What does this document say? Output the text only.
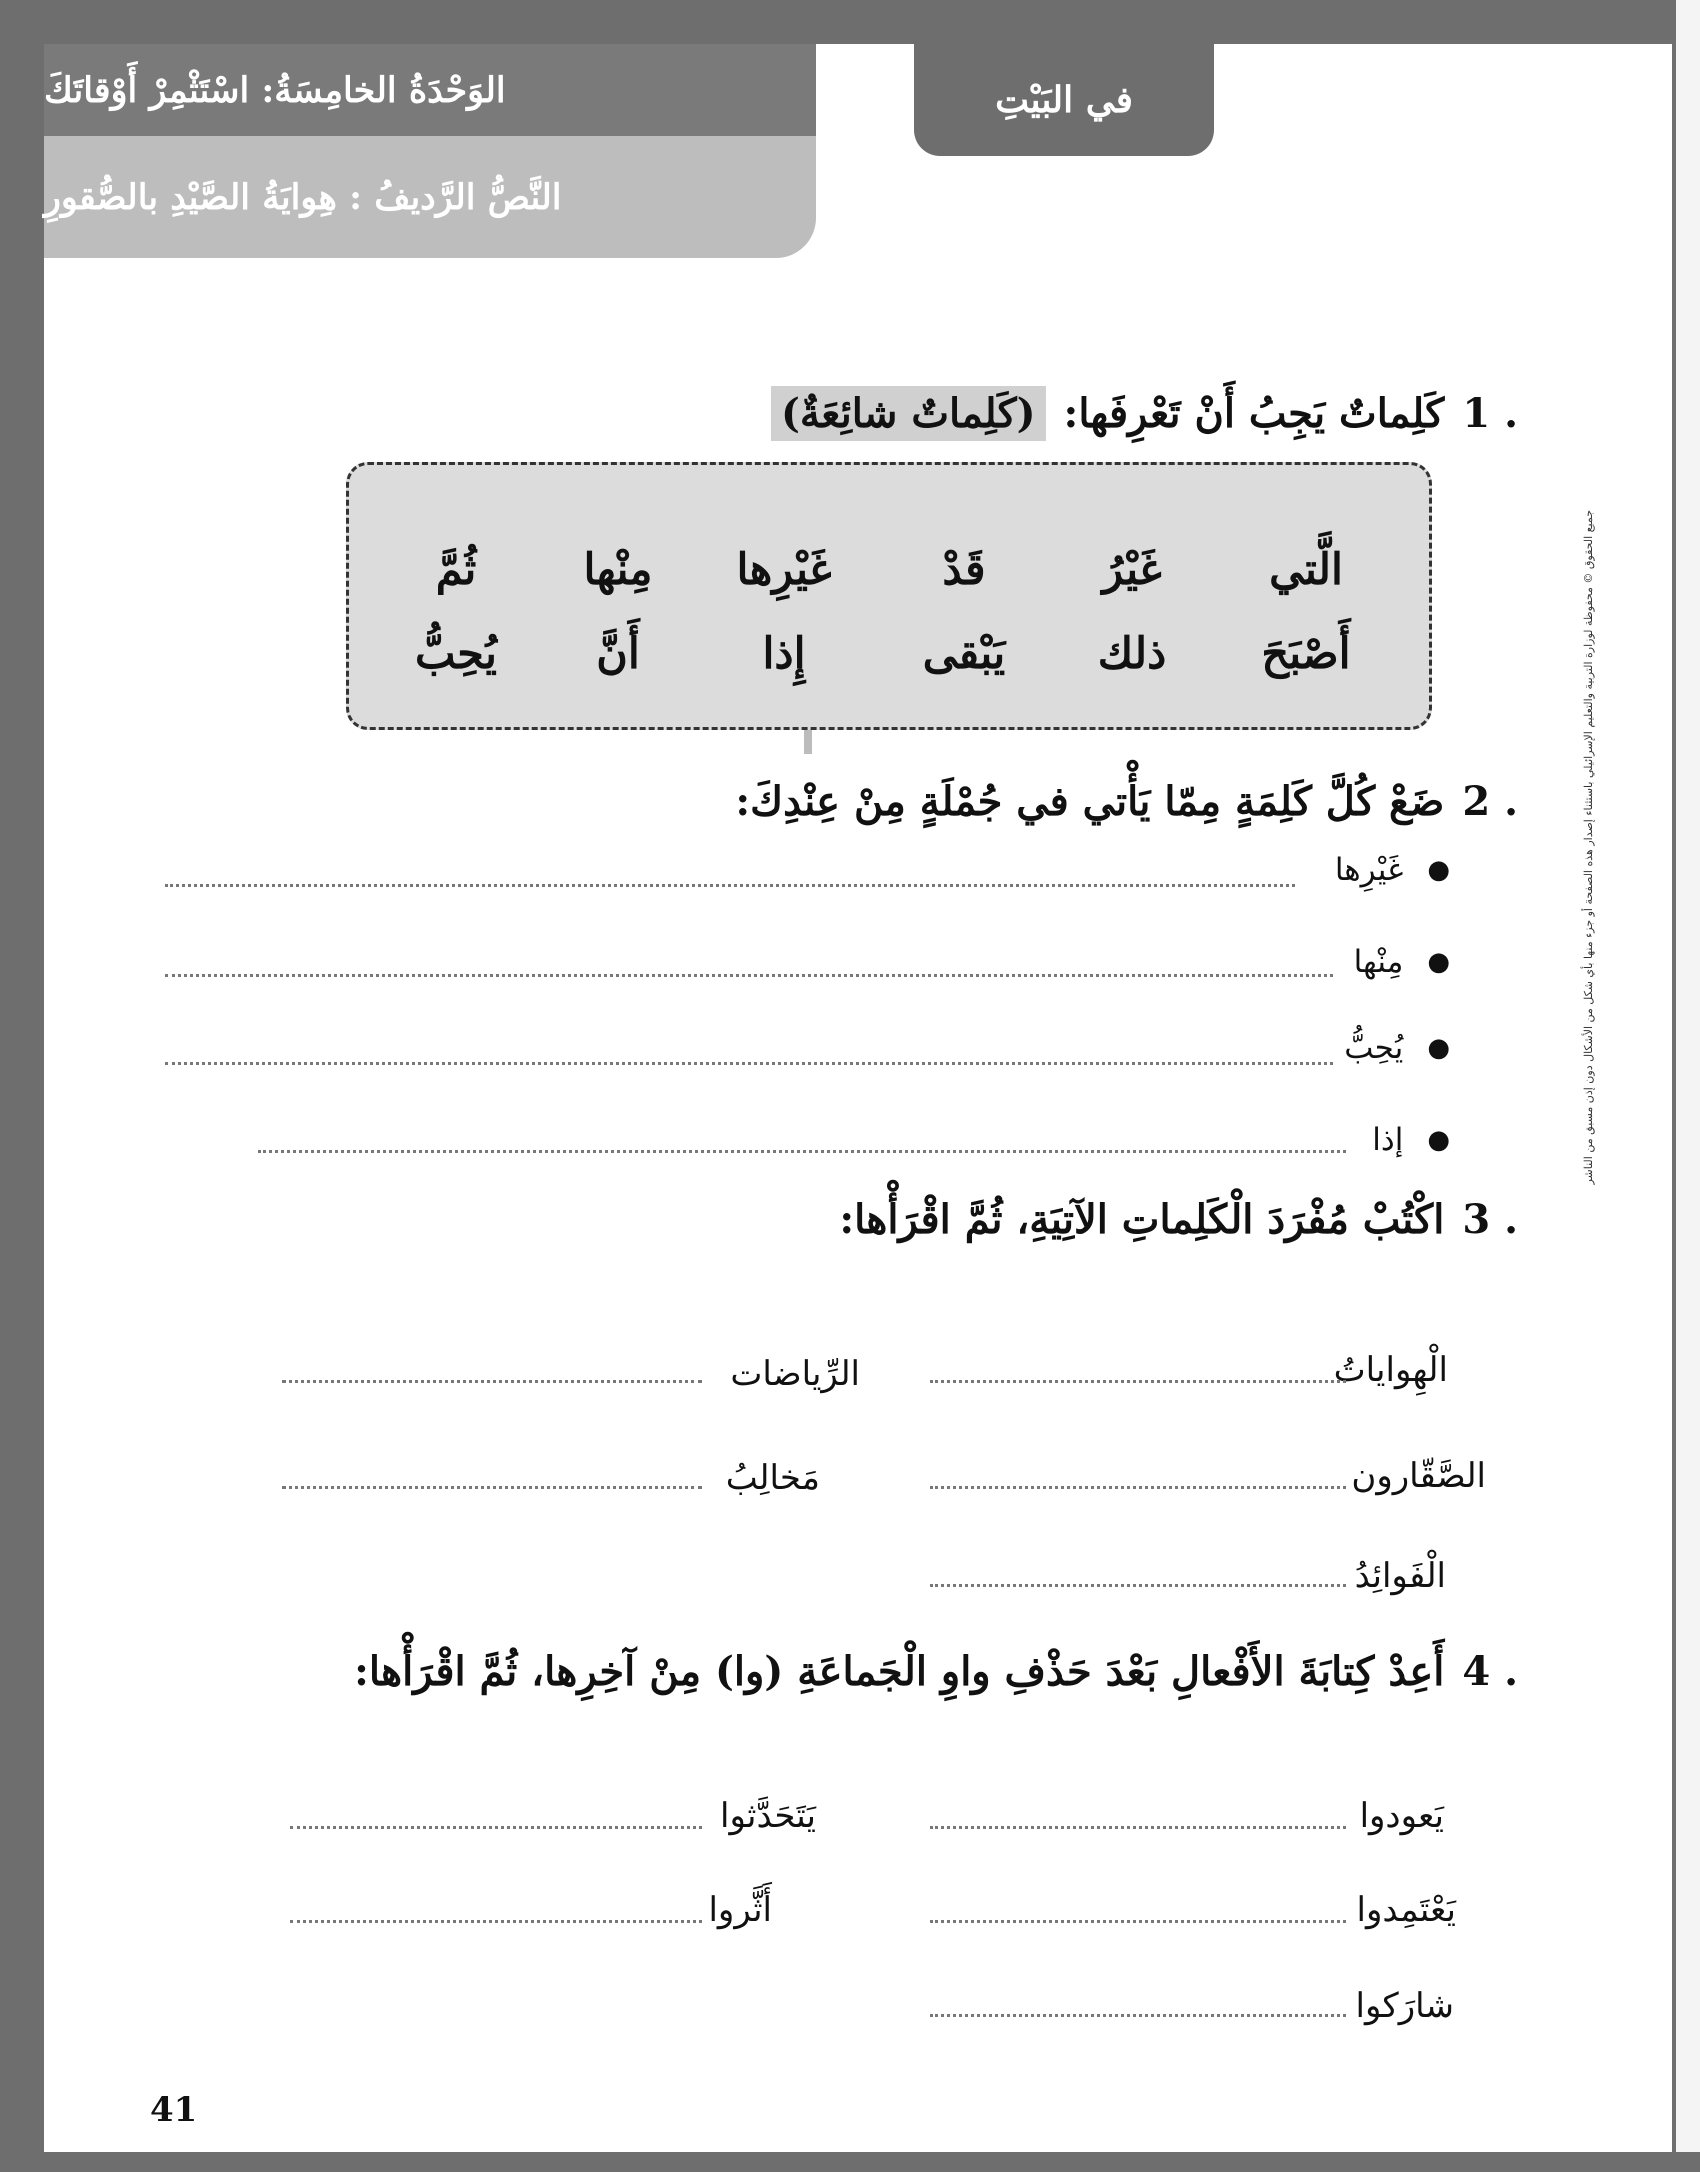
الوَحْدَةُ الخامِسَةُ: اسْتَثْمِرْ أَوْقاتَكَ	في البَيْتِ
النَّصُّ الرَّديفُ : هِوايَةُ الصَّيْدِ بالصُّقورِ
1 .
كَلِماتٌ يَجِبُ أَنْ تَعْرِفَها:
(كَلِماتٌ شائِعَةٌ)
الَّتي
غَيْرُ
قَدْ
غَيْرِها
مِنْها
ثُمَّ
أَصْبَحَ
ذلك
يَبْقى
إِذا
أَنَّ
يُحِبُّ
2 .
ضَعْ كُلَّ كَلِمَةٍ مِمّا يَأْتي في جُمْلَةٍ مِنْ عِنْدِكَ:
●
غَيْرِها
●
مِنْها
●
يُحِبُّ
●
إذا
3 .
اكْتُبْ مُفْرَدَ الْكَلِماتِ الآتِيَةِ، ثُمَّ اقْرَأْها:
الْهِواياتُ
الرِّياضات
الصَّقّارون
مَخالِبُ
الْفَوائِدُ
4 .
أَعِدْ كِتابَةَ الأَفْعالِ بَعْدَ حَذْفِ واوِ الْجَماعَةِ (وا) مِنْ آخِرِها، ثُمَّ اقْرَأْها:
يَعودوا
يَتَحَدَّثوا
يَعْتَمِدوا
أَثَّروا
شارَكوا
41
جميع الحقوق © محفوظة لوزارة التربية والتعليم الإسرائيلي باستثناء إصدار هذه الصفحة أو جزء منها بأي شكل من الأشكال دون إذن مسبق من الناشر
